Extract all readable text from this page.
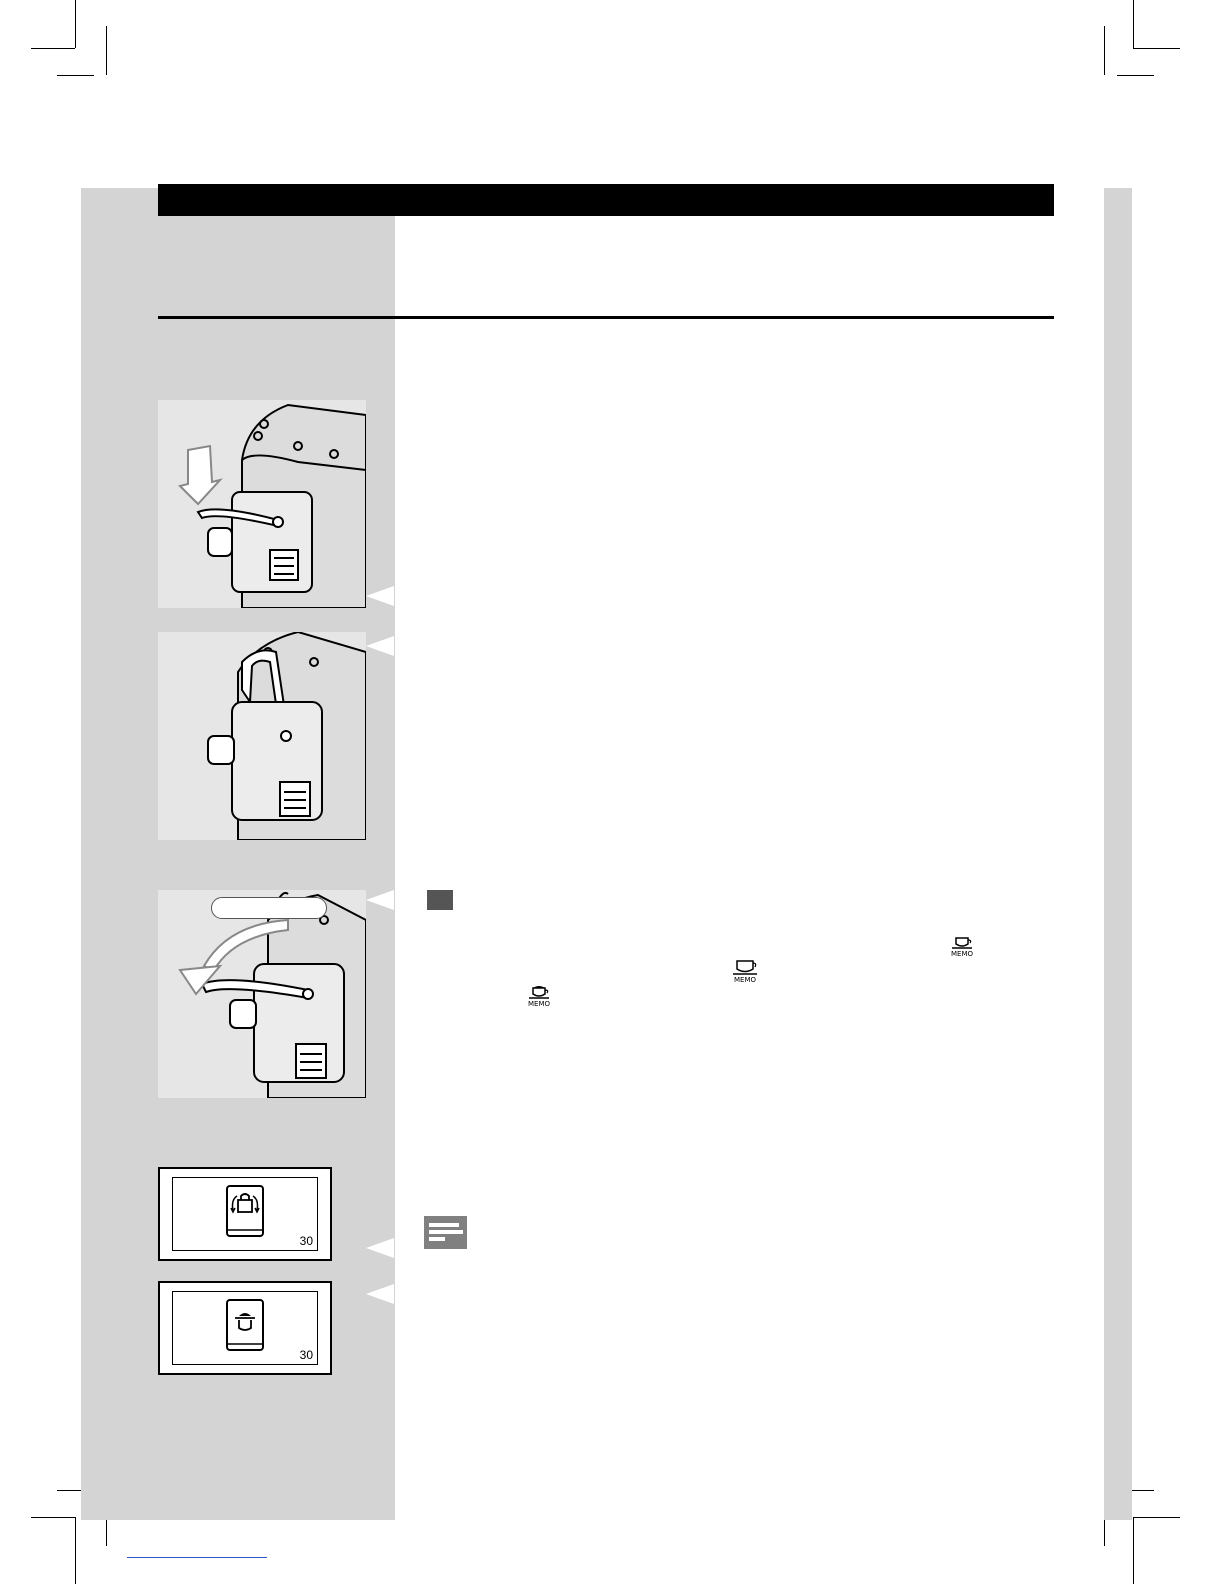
MEMO
MEMO
MEMO
30
30
